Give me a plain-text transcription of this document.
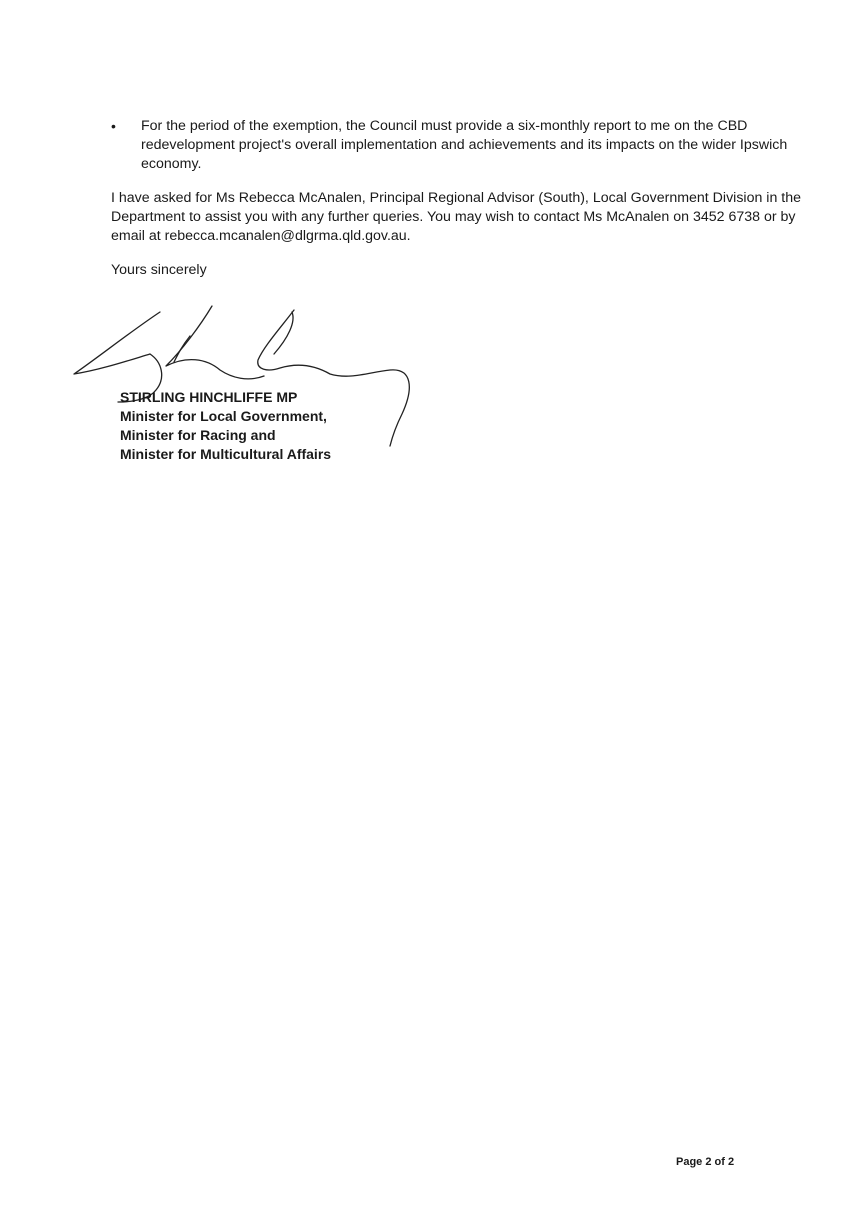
•	For the period of the exemption, the Council must provide a six-monthly report to me on the CBD redevelopment project's overall implementation and achievements and its impacts on the wider Ipswich economy.

I have asked for Ms Rebecca McAnalen, Principal Regional Advisor (South), Local Government Division in the Department to assist you with any further queries. You may wish to contact Ms McAnalen on 3452 6738 or by email at rebecca.mcanalen@dlgrma.qld.gov.au.

Yours sincerely

STIRLING HINCHLIFFE MP
Minister for Local Government,
Minister for Racing and
Minister for Multicultural Affairs
Page 2 of 2
